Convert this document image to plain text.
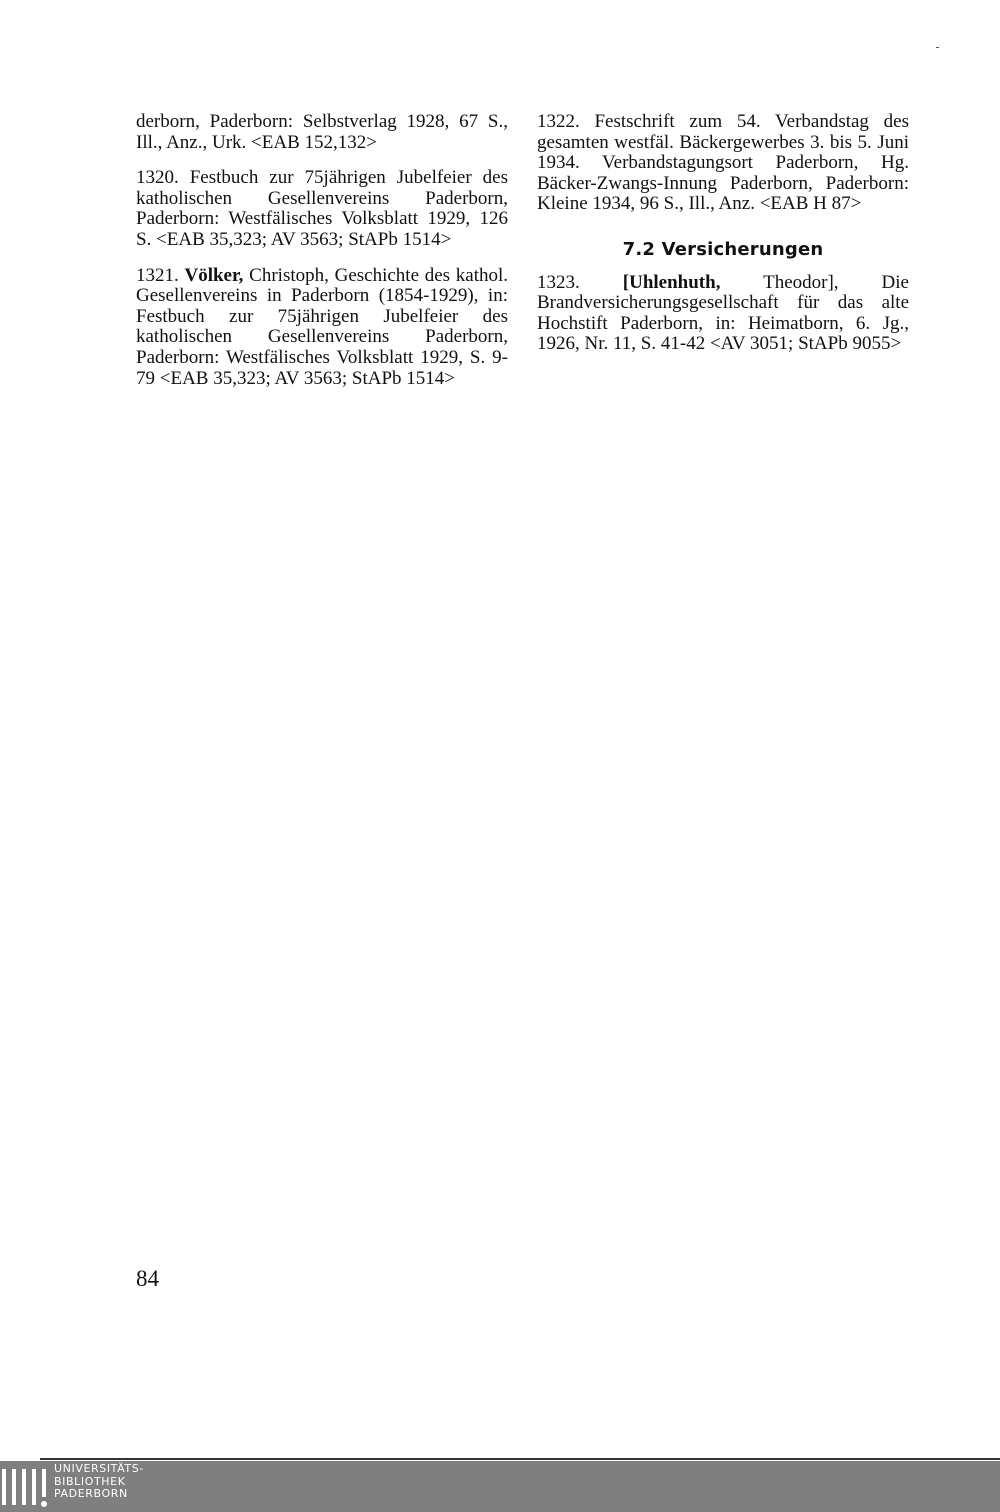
derborn, Paderborn: Selbstverlag 1928, 67 S., Ill., Anz., Urk. <EAB 152,132>

1320. Festbuch zur 75jährigen Jubelfeier des katholischen Gesellenvereins Paderborn, Paderborn: Westfälisches Volksblatt 1929, 126 S. <EAB 35,323; AV 3563; StAPb 1514>

1321. Völker, Christoph, Geschichte des kathol. Gesellenvereins in Paderborn (1854-1929), in: Festbuch zur 75jährigen Jubelfeier des katholischen Gesellenvereins Paderborn, Paderborn: Westfälisches Volksblatt 1929, S. 9-79 <EAB 35,323; AV 3563; StAPb 1514>

1322. Festschrift zum 54. Verbandstag des gesamten westfäl. Bäckergewerbes 3. bis 5. Juni 1934. Verbandstagungsort Paderborn, Hg. Bäcker-Zwangs-Innung Paderborn, Paderborn: Kleine 1934, 96 S., Ill., Anz. <EAB H 87>

7.2 Versicherungen

1323. [Uhlenhuth, Theodor], Die Brandversicherungsgesellschaft für das alte Hochstift Paderborn, in: Heimatborn, 6. Jg., 1926, Nr. 11, S. 41-42 <AV 3051; StAPb 9055>

84
UNIVERSITÄTS-
BIBLIOTHEK
PADERBORN
